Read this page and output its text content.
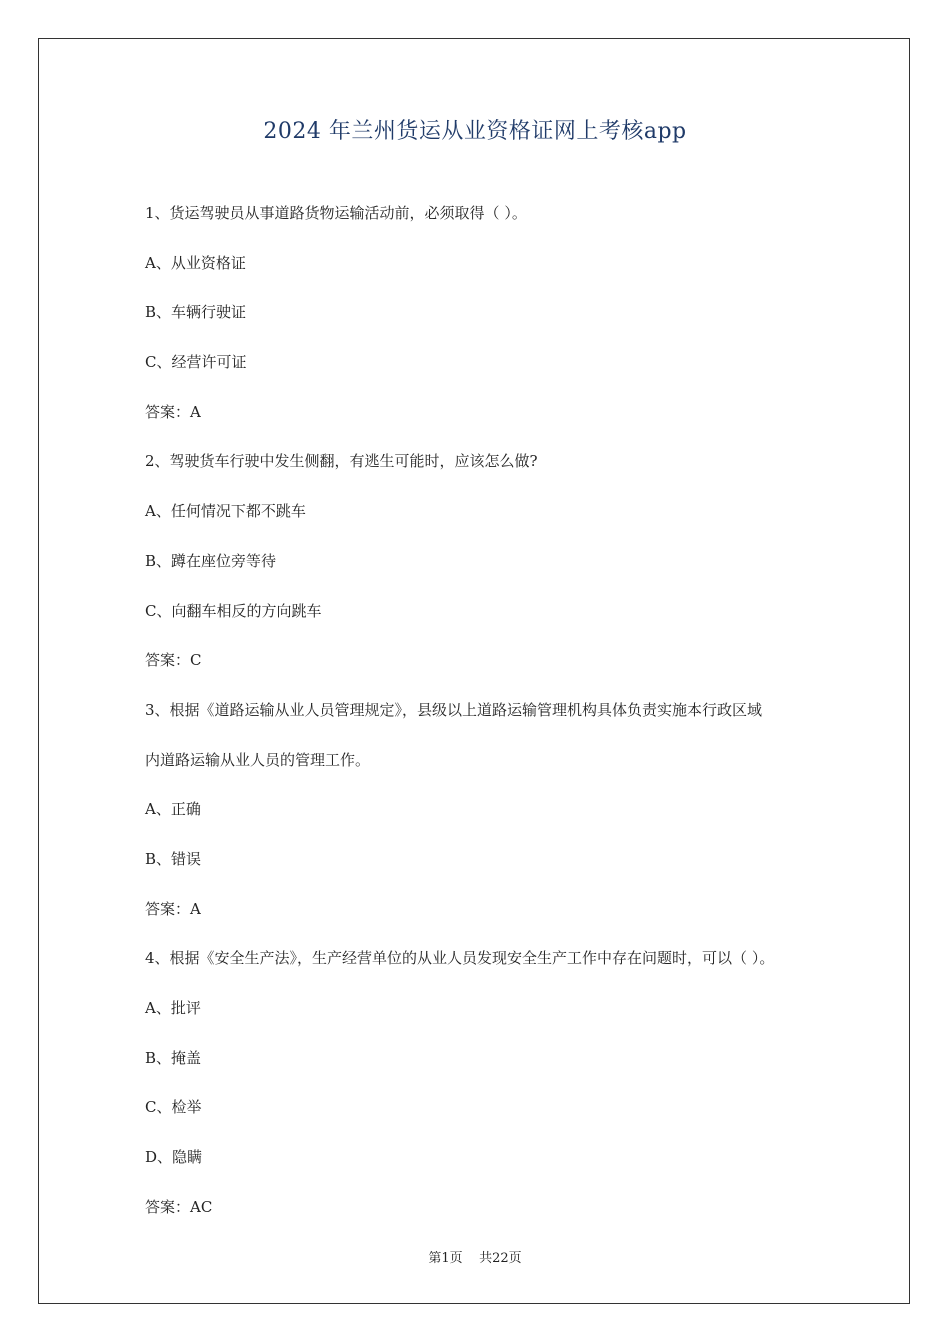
2024 年兰州货运从业资格证网上考核app
1、货运驾驶员从事道路货物运输活动前，必须取得（ ）。
A、从业资格证
B、车辆行驶证
C、经营许可证
答案：A
2、驾驶货车行驶中发生侧翻，有逃生可能时，应该怎么做?
A、任何情况下都不跳车
B、蹲在座位旁等待
C、向翻车相反的方向跳车
答案：C
3、根据《道路运输从业人员管理规定》，县级以上道路运输管理机构具体负责实施本行政区域
内道路运输从业人员的管理工作。
A、正确
B、错误
答案：A
4、根据《安全生产法》，生产经营单位的从业人员发现安全生产工作中存在问题时，可以（ ）。
A、批评
B、掩盖
C、检举
D、隐瞒
答案：AC
第1页    共22页
